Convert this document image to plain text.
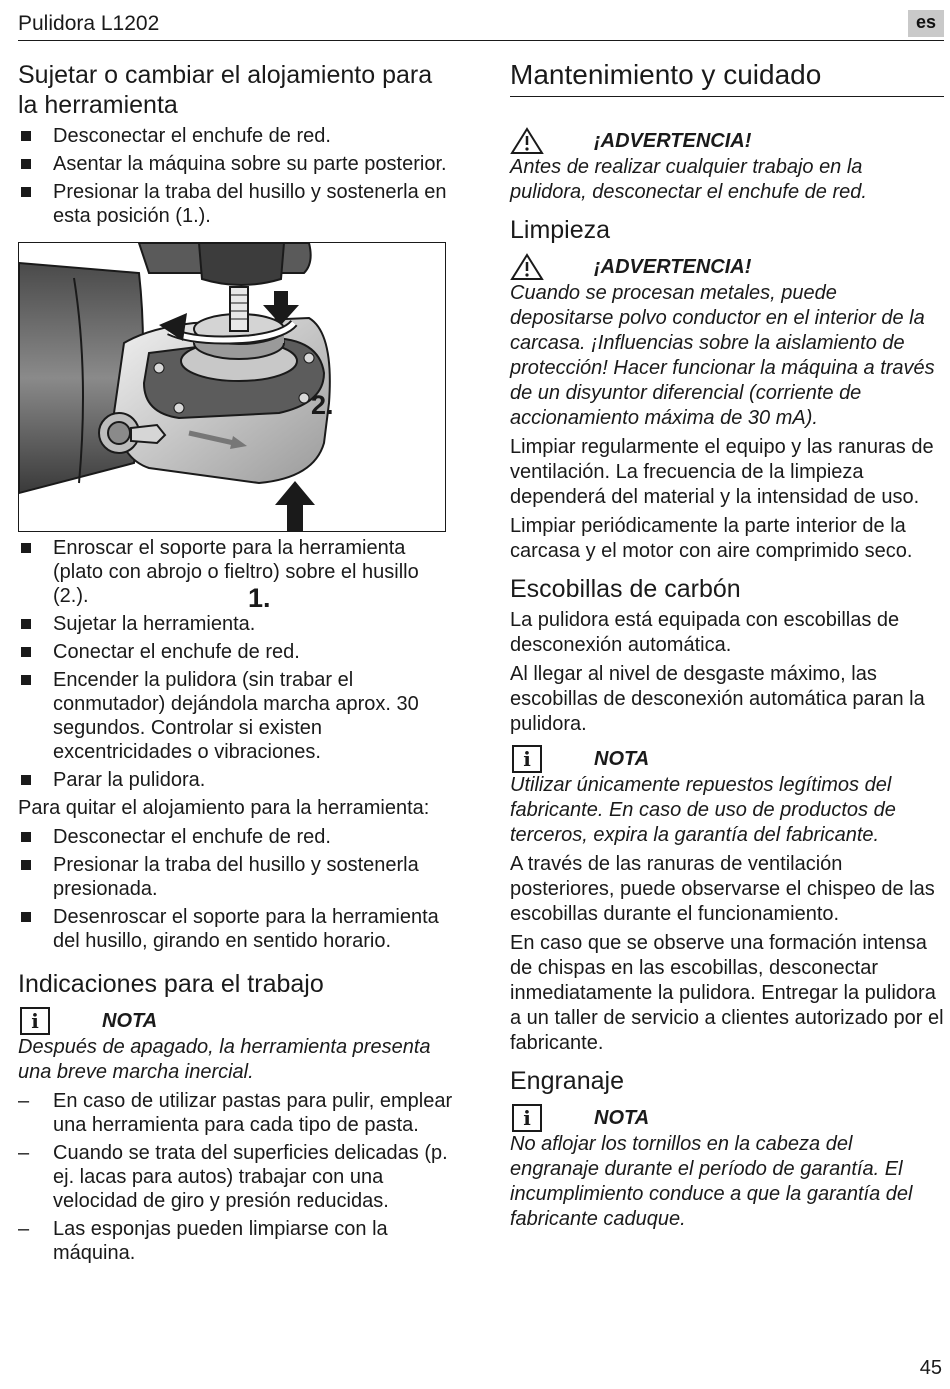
Pulidora L1202	es
Sujetar o cambiar el alojamiento para la herramienta
Desconectar el enchufe de red.
Asentar la máquina sobre su parte posterior.
Presionar la traba del husillo y sostenerla en esta posición (1.).
1.
2.
Enroscar el soporte para la herramienta (plato con abrojo o fieltro) sobre el husillo (2.).
Sujetar la herramienta.
Conectar el enchufe de red.
Encender la pulidora (sin trabar el conmutador) dejándola marcha aprox. 30 segundos. Controlar si existen excentricidades o vibraciones.
Parar la pulidora.

Para quitar el alojamiento para la herramienta:

Desconectar el enchufe de red.
Presionar la traba del husillo y sostenerla presionada.
Desenroscar el soporte para la herramienta del husillo, girando en sentido horario.
Indicaciones para el trabajo
i	NOTA

Después de apagado, la herramienta presenta una breve marcha inercial.

– En caso de utilizar pastas para pulir, emplear una herramienta para cada tipo de pasta.
– Cuando se trata del superficies delicadas (p. ej. lacas para autos) trabajar con una velocidad de giro y presión reducidas.
– Las esponjas pueden limpiarse con la máquina.
Mantenimiento y cuidado
¡ADVERTENCIA!

Antes de realizar cualquier trabajo en la pulidora, desconectar el enchufe de red.

Limpieza
¡ADVERTENCIA!

Cuando se procesan metales, puede depositarse polvo conductor en el interior de la carcasa. ¡Influencias sobre la aislamiento de protección! Hacer funcionar la máquina a través de un disyuntor diferencial (corriente de accionamiento máxima de 30 mA).

Limpiar regularmente el equipo y las ranuras de ventilación. La frecuencia de la limpieza dependerá del material y la intensidad de uso.

Limpiar periódicamente la parte interior de la carcasa y el motor con aire comprimido seco.

Escobillas de carbón

La pulidora está equipada con escobillas de desconexión automática.

Al llegar al nivel de desgaste máximo, las escobillas de desconexión automática paran la pulidora.

i	NOTA

Utilizar únicamente repuestos legítimos del fabricante. En caso de uso de productos de terceros, expira la garantía del fabricante.

A través de las ranuras de ventilación posteriores, puede observarse el chispeo de las escobillas durante el funcionamiento.

En caso que se observe una formación intensa de chispas en las escobillas, desconectar inmediatamente la pulidora. Entregar la pulidora a un taller de servicio a clientes autorizado por el fabricante.

Engranaje
i	NOTA

No aflojar los tornillos en la cabeza del engranaje durante el período de garantía. El incumplimiento conduce a que la garantía del fabricante caduque.

45
